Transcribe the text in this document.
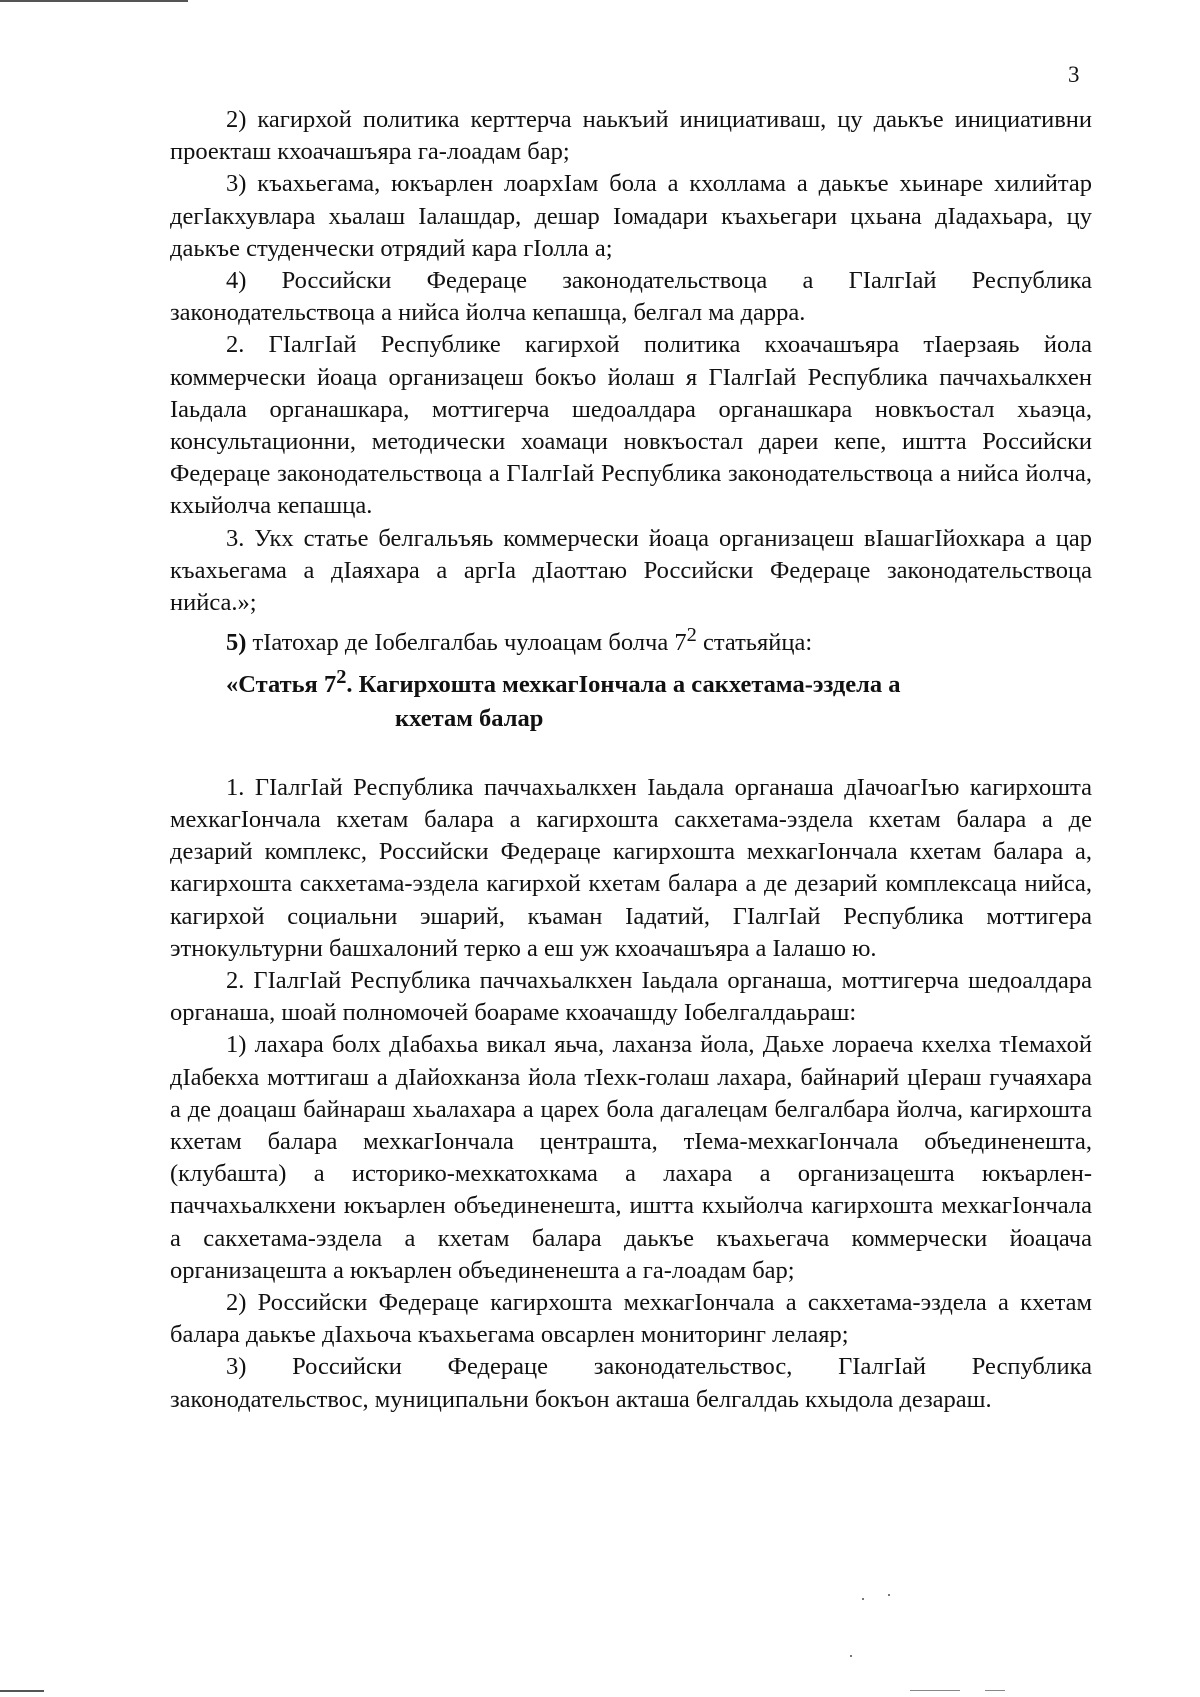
3

2) кагирхой политика керттерча наькъий инициативаш, цу даькъе инициативни проекташ кхоачашъяра га-лоадам бар;

3) къахьегама, юкъарлен лоархIам бола а кхоллама а даькъе хьинаре хилийтар дегIакхувлара хьалаш Iалашдар, дешар Iомадари къахьегари цхьана дIадахьара, цу даькъе студенчески отрядий кара гIолла а;

4) Российски Федераце законодательствоца а ГIалгIай Республика законодательствоца а нийса йолча кепашца, белгал ма дарра.

2. ГIалгIай Республике кагирхой политика кхоачашъяра тIаерзаяь йола коммерчески йоаца организацеш бокъо йолаш я ГIалгIай Республика паччахьалкхен Iаьдала органашкара, моттигерча шедоалдара органашкара новкъостал хьаэца, консультационни, методически хоамаци новкъостал дареи кепе, иштта Российски Федераце законодательствоца а ГIалгIай Республика законодательствоца а нийса йолча, кхыйолча кепашца.

3. Укх статье белгальъяь коммерчески йоаца организацеш вIашагIйохкара а цар къахьегама а дIаяхара а аргIа дIаоттаю Российски Федераце законодательствоца нийса.»;

5) тIатохар де Iобелгалбаь чулоацам болча $7^2$ статьяйца:

«Статья $7^2$. Кагирхошта мехкагIончала а сакхетама-эздела а
кхетам балар

1. ГIалгIай Республика паччахьалкхен Iаьдала органаша дIачоагIъю кагирхошта мехкагIончала кхетам балара а кагирхошта сакхетама-эздела кхетам балара а де дезарий комплекс, Российски Федераце кагирхошта мехкагIончала кхетам балара а, кагирхошта сакхетама-эздела кагирхой кхетам балара а де дезарий комплексаца нийса, кагирхой социальни эшарий, къаман Iадатий, ГIалгIай Республика моттигера этнокультурни башхалоний терко а еш уж кхоачашъяра а Iалашо ю.

2. ГIалгIай Республика паччахьалкхен Iаьдала органаша, моттигерча шедоалдара органаша, шоай полномочей боараме кхоачашду Iобелгалдаьраш:

1) лахара болх дIабахьа викал яьча, лаханза йола, Даьхе лораеча кхелха тIемахой дIабекха моттигаш а дIайохканза йола тIехк-голаш лахара, байнарий цIераш гучаяхара а де доацаш байнараш хьалахара а царех бола дагалецам белгалбара йолча, кагирхошта кхетам балара мехкагIончала центрашта, тIема-мехкагIончала объединенешта, (клубашта) а историко-мехкатохкама а лахара а организацешта юкъарлен-паччахьалкхени юкъарлен объединенешта, иштта кхыйолча кагирхошта мехкагIончала а сакхетама-эздела а кхетам балара даькъе къахьегача коммерчески йоацача организацешта а юкъарлен объединенешта а га-лоадам бар;

2) Российски Федераце кагирхошта мехкагIончала а сакхетама-эздела а кхетам балара даькъе дIахьоча къахьегама овсарлен мониторинг лелаяр;

3) Российски Федераце законодательствос, ГIалгIай Республика законодательствос, муниципальни бокъон акташа белгалдаь кхыдола дезараш.
